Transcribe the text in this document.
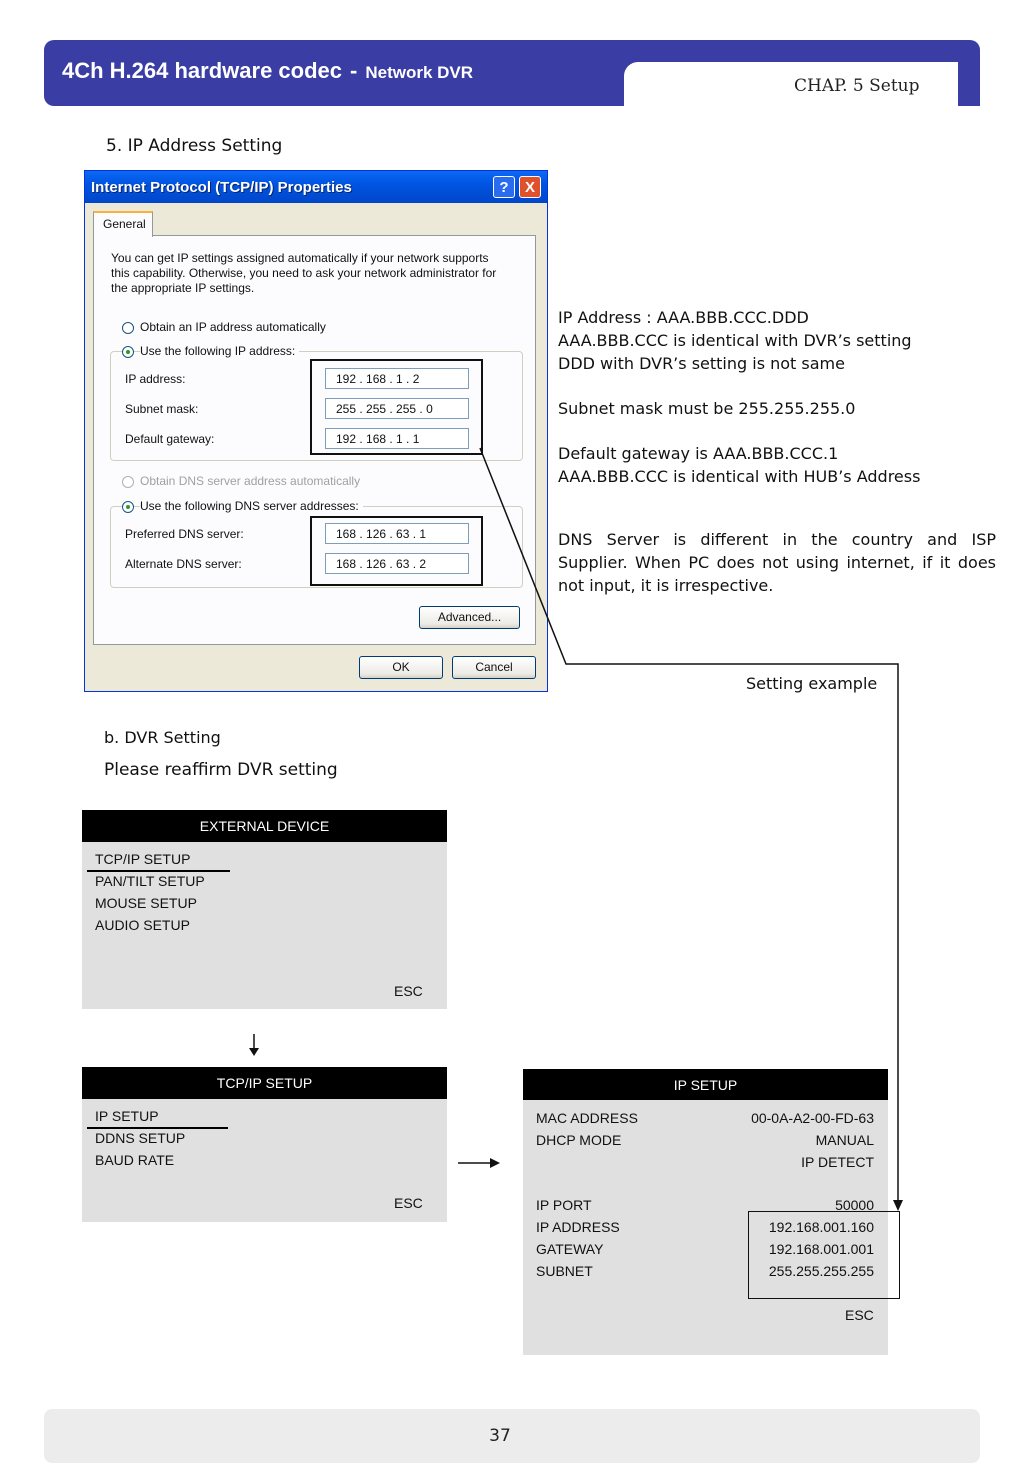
4Ch H.264 hardware codec - Network DVR
CHAP. 5 Setup
5. IP Address Setting
Internet Protocol (TCP/IP) Properties	?	X
General
You can get IP settings assigned automatically if your network supports
this capability. Otherwise, you need to ask your network administrator for
the appropriate IP settings.
Obtain an IP address automatically
Use the following IP address:
IP address:	192 . 168 . 1 . 2
Subnet mask:	255 . 255 . 255 . 0
Default gateway:	192 . 168 . 1 . 1
Obtain DNS server address automatically
Use the following DNS server addresses:
Preferred DNS server:	168 . 126 . 63 . 1
Alternate DNS server:	168 . 126 . 63 . 2
Advanced...
OK	Cancel
IP Address : AAA.BBB.CCC.DDD
AAA.BBB.CCC is identical with DVR’s setting
DDD with DVR’s setting is not same
Subnet mask must be 255.255.255.0
Default gateway is AAA.BBB.CCC.1
AAA.BBB.CCC is identical with HUB’s Address
DNS Server is different in the country and ISP Supplier. When PC does not using internet, if it does not input, it is irrespective.
Setting example
b. DVR Setting
Please reaffirm DVR setting
EXTERNAL DEVICE
TCP/IP SETUP
PAN/TILT SETUP
MOUSE SETUP
AUDIO SETUP
ESC
TCP/IP SETUP
IP SETUP
DDNS SETUP
BAUD RATE
ESC
IP SETUP
MAC ADDRESS	00-0A-A2-00-FD-63
DHCP MODE	MANUAL
IP DETECT
IP PORT	50000
IP ADDRESS	192.168.001.160
GATEWAY	192.168.001.001
SUBNET	255.255.255.255
ESC
37
